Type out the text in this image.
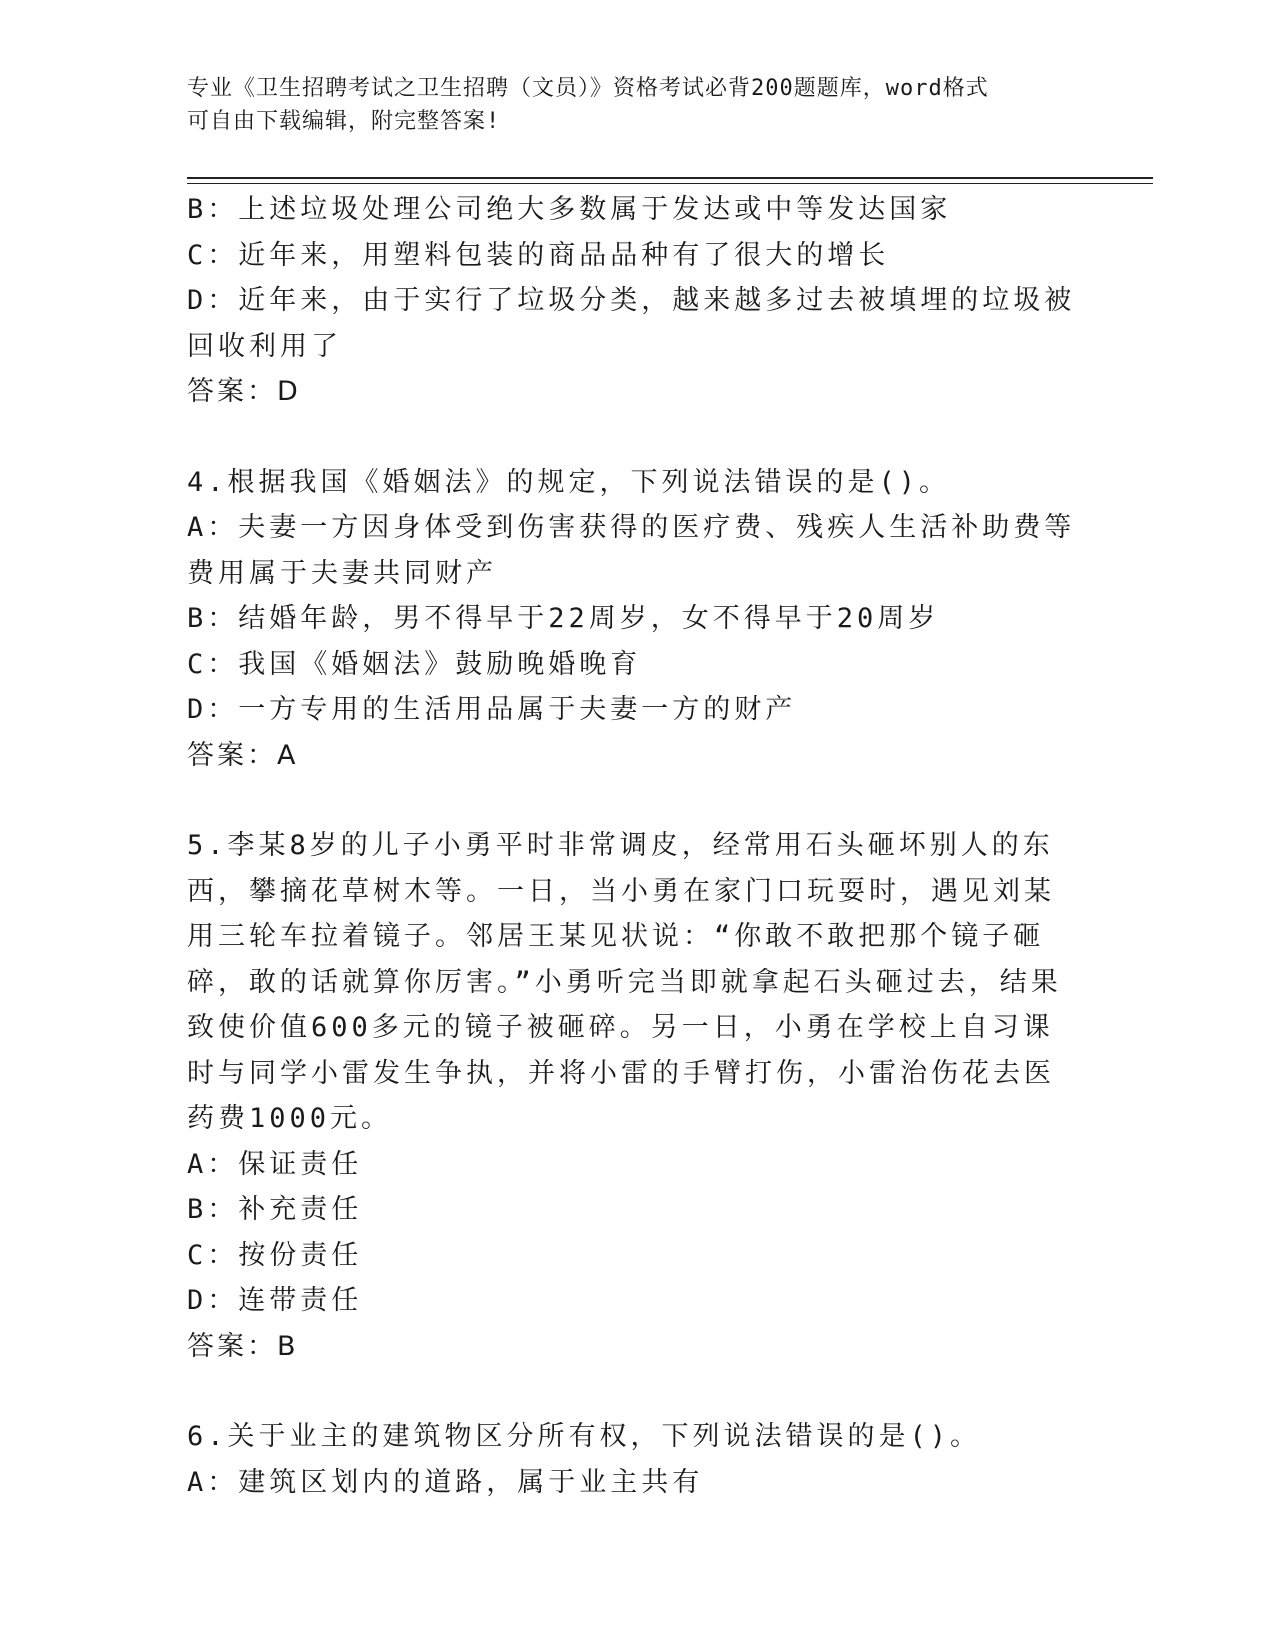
专业《卫生招聘考试之卫生招聘（文员）》资格考试必背200题题库，word格式
可自由下载编辑，附完整答案!
B：上述垃圾处理公司绝大多数属于发达或中等发达国家
C：近年来，用塑料包装的商品品种有了很大的增长
D：近年来，由于实行了垃圾分类，越来越多过去被填埋的垃圾被回收利用了
答案：D
4.根据我国《婚姻法》的规定，下列说法错误的是()。
A：夫妻一方因身体受到伤害获得的医疗费、残疾人生活补助费等费用属于夫妻共同财产
B：结婚年龄，男不得早于22周岁，女不得早于20周岁
C：我国《婚姻法》鼓励晚婚晚育
D：一方专用的生活用品属于夫妻一方的财产
答案：A
5.李某8岁的儿子小勇平时非常调皮，经常用石头砸坏别人的东西，攀摘花草树木等。一日，当小勇在家门口玩耍时，遇见刘某用三轮车拉着镜子。邻居王某见状说：“你敢不敢把那个镜子砸碎，敢的话就算你厉害。”小勇听完当即就拿起石头砸过去，结果致使价值600多元的镜子被砸碎。另一日，小勇在学校上自习课时与同学小雷发生争执，并将小雷的手臂打伤，小雷治伤花去医药费1000元。
A：保证责任
B：补充责任
C：按份责任
D：连带责任
答案：B
6.关于业主的建筑物区分所有权，下列说法错误的是()。
A：建筑区划内的道路，属于业主共有
